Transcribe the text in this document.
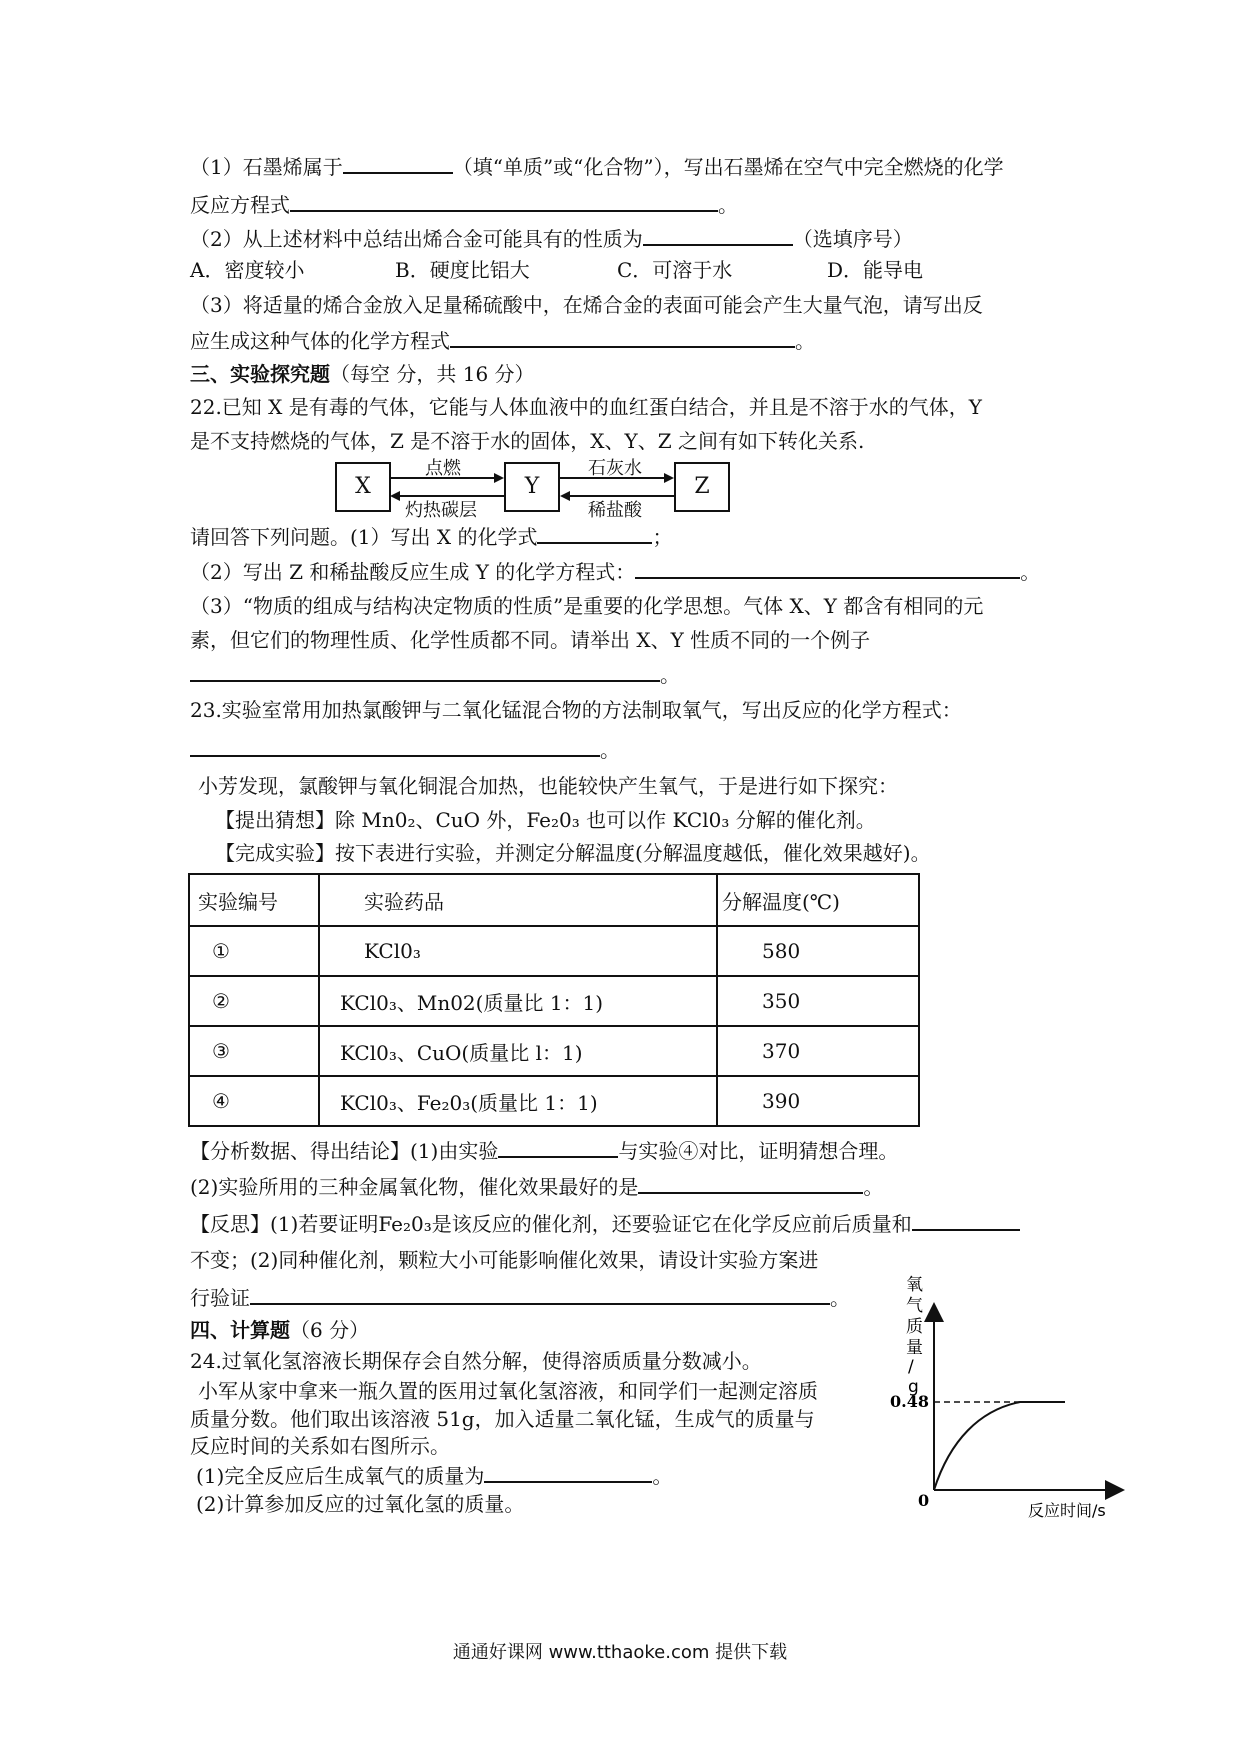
（1）石墨烯属于	（填“单质”或“化合物”），写出石墨烯在空气中完全燃烧的化学
反应方程式	。
（2）从上述材料中总结出烯合金可能具有的性质为	（选填序号）
A．密度较小	B．硬度比铝大	C．可溶于水	D．能导电
（3）将适量的烯合金放入足量稀硫酸中，在烯合金的表面可能会产生大量气泡，请写出反
应生成这种气体的化学方程式	。
三、实验探究题（每空 分，共 16 分）
22.已知 X 是有毒的气体，它能与人体血液中的血红蛋白结合，并且是不溶于水的气体，Y
是不支持燃烧的气体，Z 是不溶于水的固体，X、Y、Z 之间有如下转化关系.
X	Y	Z
点燃
灼热碳层
石灰水
稀盐酸
请回答下列问题。(1）写出 X 的化学式	；
（2）写出 Z 和稀盐酸反应生成 Y 的化学方程式：	。
（3）“物质的组成与结构决定物质的性质”是重要的化学思想。气体 X、Y 都含有相同的元
素，但它们的物理性质、化学性质都不同。请举出 X、Y 性质不同的一个例子
。
23.实验室常用加热氯酸钾与二氧化锰混合物的方法制取氧气，写出反应的化学方程式：
。
小芳发现，氯酸钾与氧化铜混合加热，也能较快产生氧气，于是进行如下探究：
【提出猜想】除 Mn0₂、CuO 外，Fe₂0₃ 也可以作 KCl0₃ 分解的催化剂。
【完成实验】按下表进行实验，并测定分解温度(分解温度越低，催化效果越好)。
实验编号	实验药品	分解温度(℃)
①	KCl0₃	580
②	KCl0₃、Mn02(质量比 1：1)	350
③	KCl0₃、CuO(质量比 l：1)	370
④	KCl0₃、Fe₂0₃(质量比 1：1)	390
【分析数据、得出结论】(1)由实验	与实验④对比，证明猜想合理。
(2)实验所用的三种金属氧化物，催化效果最好的是	。
【反思】(1)若要证明Fe₂0₃是该反应的催化剂，还要验证它在化学反应前后质量和
不变；(2)同种催化剂，颗粒大小可能影响催化效果，请设计实验方案进
行验证	。
四、计算题（6 分）
24.过氧化氢溶液长期保存会自然分解，使得溶质质量分数减小。
小军从家中拿来一瓶久置的医用过氧化氢溶液，和同学们一起测定溶质
质量分数。他们取出该溶液 51g，加入适量二氧化锰，生成气的质量与
反应时间的关系如右图所示。
(1)完全反应后生成氧气的质量为	。
(2)计算参加反应的过氧化氢的质量。
氧
气
质
量
/
g
0.48
0
反应时间/s
通通好课网 www.tthaoke.com 提供下载
